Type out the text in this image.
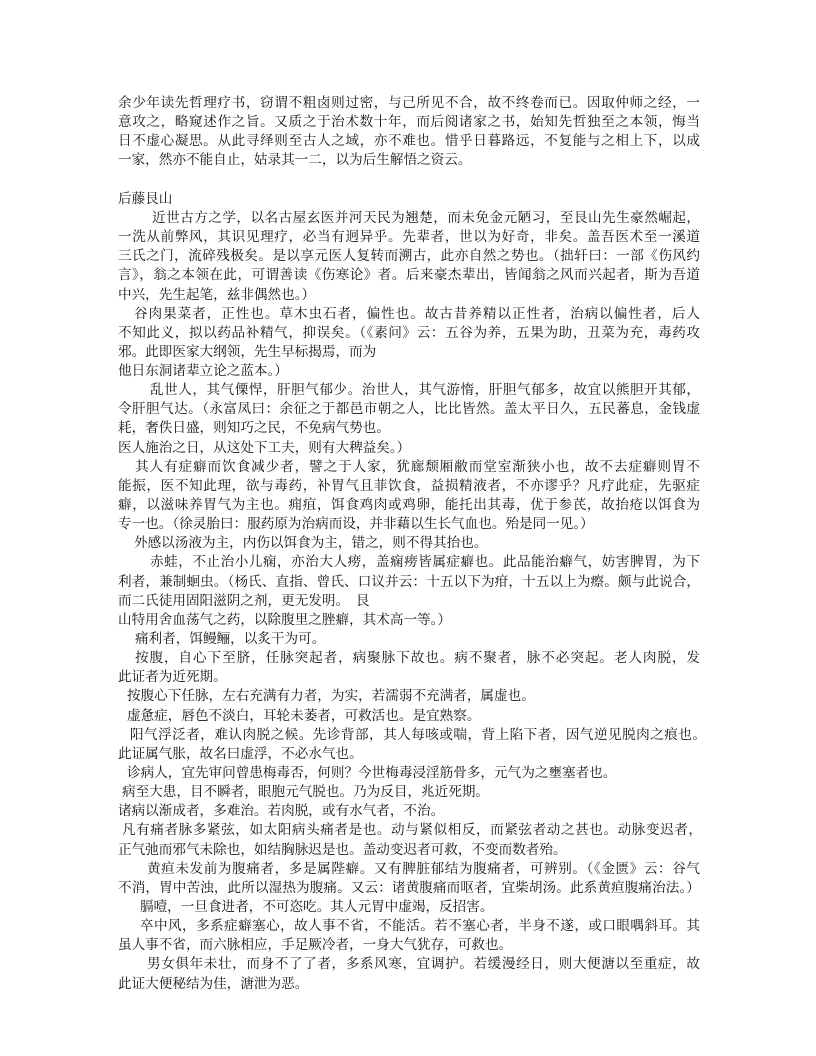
余少年读先哲理疗书，窃谓不粗卤则过密，与己所见不合，故不终卷而已。因取仲师之经，一
意攻之，略窥述作之旨。又质之于治术数十年，而后阅诸家之书，始知先哲独至之本领，悔当
日不虚心凝思。从此寻绎则至古人之域，亦不难也。惜乎日暮路远，不复能与之相上下，以成
一家，然亦不能自止，姑录其一二，以为后生解悟之资云。
后藤艮山
近世古方之学，以名古屋玄医并河天民为翘楚，而未免金元陋习，至艮山先生豪然崛起，
一洗从前弊风，其识见理疗，必当有迥异乎。先辈者，世以为好奇，非矣。盖吾医术至一溪道
三氏之门，流碎残极矣。是以享元医人复转而溯古，此亦自然之势也。（拙轩曰：一部《伤风约
言》，翁之本领在此，可谓善读《伤寒论》者。后来豪杰辈出，皆闻翁之风而兴起者，斯为吾道
中兴，先生起笔，兹非偶然也。）
谷肉果菜者，正性也。草木虫石者，偏性也。故古昔养精以正性者，治病以偏性者，后人
不知此义，拟以药品补精气，抑误矣。（《素问》云：五谷为养，五果为助，丑菜为充，毒药攻
邪。此即医家大纲领，先生早标揭焉，而为
他日东洞诸辈立论之蓝本。）
乱世人，其气傈悍，肝胆气郁少。治世人，其气游惰，肝胆气郁多，故宜以熊胆开其郁，
令肝胆气达。（永富凤曰：余征之于都邑市朝之人，比比皆然。盖太平日久，五民蕃息，金钱虚
耗，奢佚日盛，则知巧之民，不免病气势也。
医人施治之日，从这处下工夫，则有大稗益矣。）
其人有症癖而饮食减少者，譬之于人家，犹廊颓厢敝而堂室渐狭小也，故不去症癖则胃不
能振，医不知此理，欲与毒药，补胃气且菲饮食，益损精液者，不亦谬乎？凡疗此症，先驱症
癖，以滋味养胃气为主也。痈疽，饵食鸡肉或鸡卵，能托出其毒，优于参芪，故抬疮以饵食为
专一也。（徐灵胎曰：服药原为治病而设，并非藉以生长气血也。殆是同一见。）
外感以汤液为主，内伤以饵食为主，错之，则不得其抬也。
赤蛙，不止治小儿痫，亦治大人痨，盖痫痨皆属症癖也。此品能治癖气，妨害脾胃，为下
利者，兼制蛔虫。（杨氏、直指、曾氏、口议并云：十五以下为疳，十五以上为瘵。颇与此说合，
而二氏徒用固阳滋阴之剂，更无发明。　艮
山特用舍血荡气之药，以除腹里之脞癖，其术高一等。）
痛利者，饵鳗鲡，以炙干为可。
按腹，自心下至脐，任脉突起者，病聚脉下故也。病不聚者，脉不必突起。老人肉脱，发
此证者为近死期。
按腹心下任脉，左右充满有力者，为实，若濡弱不充满者，属虚也。
虚惫症，唇色不淡白，耳轮未萎者，可救活也。是宜熟察。
阳气浮泛者，难认肉脱之候。先诊背部，其人每咳或喘，背上陷下者，因气逆见脱肉之痕也。
此证属气胀，故名曰虚浮，不必水气也。
诊病人，宜先审问曾患梅毒否，何则？今世梅毒浸淫筋骨多，元气为之壅塞者也。
病至大患，目不瞬者，眼胞元气脱也。乃为反目，兆近死期。
诸病以渐成者，多难治。若肉脱，或有水气者，不治。
凡有痛者脉多紧弦，如太阳病头痛者是也。动与紧似相反，而紧弦者动之甚也。动脉变迟者，
正气弛而邪气未除也，如结胸脉迟是也。盖动变迟者可救，不变而数者殆。
黄疸未发前为腹痛者，多是属陛癖。又有脾脏郁结为腹痛者，可辨别。（《金匮》云：谷气
不消，胃中苦浊，此所以湿热为腹痛。又云：诸黄腹痛而呕者，宜柴胡汤。此系黄疸腹痛治法。）
膈噎，一旦食进者，不可恣吃。其人元胃中虚竭，反招害。
卒中风，多系症癖塞心，故人事不省，不能活。若不塞心者，半身不遂，或口眼喁斜耳。其
虽人事不省，而六脉相应，手足厥冷者，一身大气犹存，可救也。
男女俱年未壮，而身不了了者，多系风寒，宜调护。若缓漫经日，则大便溏以至重症，故
此证大便秘结为佳，溏泄为恶。
